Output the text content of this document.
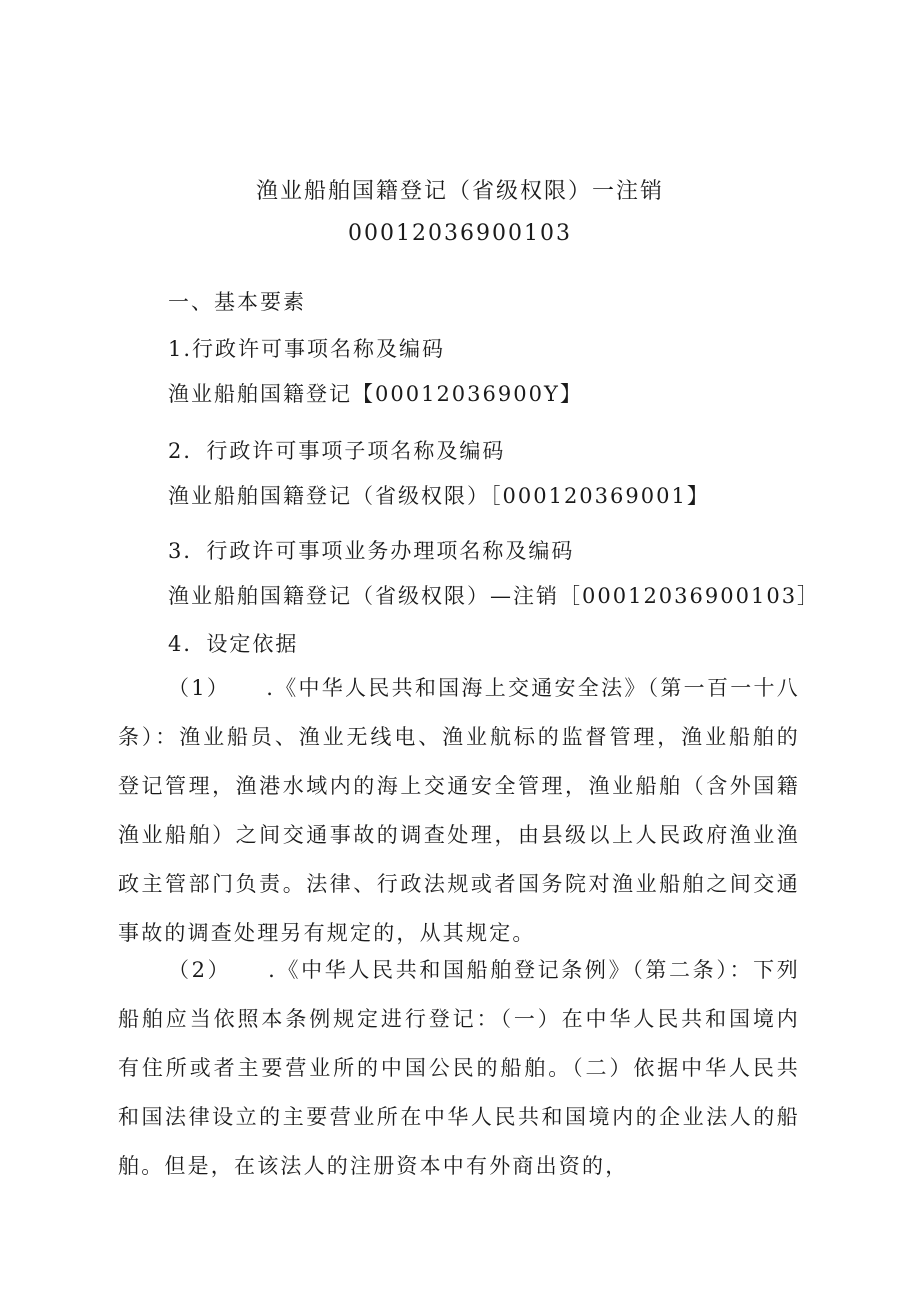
渔业船舶国籍登记（省级权限）一注销
00012036900103
一、基本要素
1.行政许可事项名称及编码
渔业船舶国籍登记【00012036900Y】
2．行政许可事项子项名称及编码
渔业船舶国籍登记（省级权限）［000120369001】
3．行政许可事项业务办理项名称及编码
渔业船舶国籍登记（省级权限）—注销［00012036900103］
4．设定依据
（1）　　.《中华人民共和国海上交通安全法》（第一百一十八条）：渔业船员、渔业无线电、渔业航标的监督管理，渔业船舶的登记管理，渔港水域内的海上交通安全管理，渔业船舶（含外国籍渔业船舶）之间交通事故的调查处理，由县级以上人民政府渔业渔政主管部门负责。法律、行政法规或者国务院对渔业船舶之间交通事故的调查处理另有规定的，从其规定。
（2）　　.《中华人民共和国船舶登记条例》（第二条）：下列船舶应当依照本条例规定进行登记：（一）在中华人民共和国境内有住所或者主要营业所的中国公民的船舶。（二）依据中华人民共和国法律设立的主要营业所在中华人民共和国境内的企业法人的船舶。但是，在该法人的注册资本中有外商出资的，
